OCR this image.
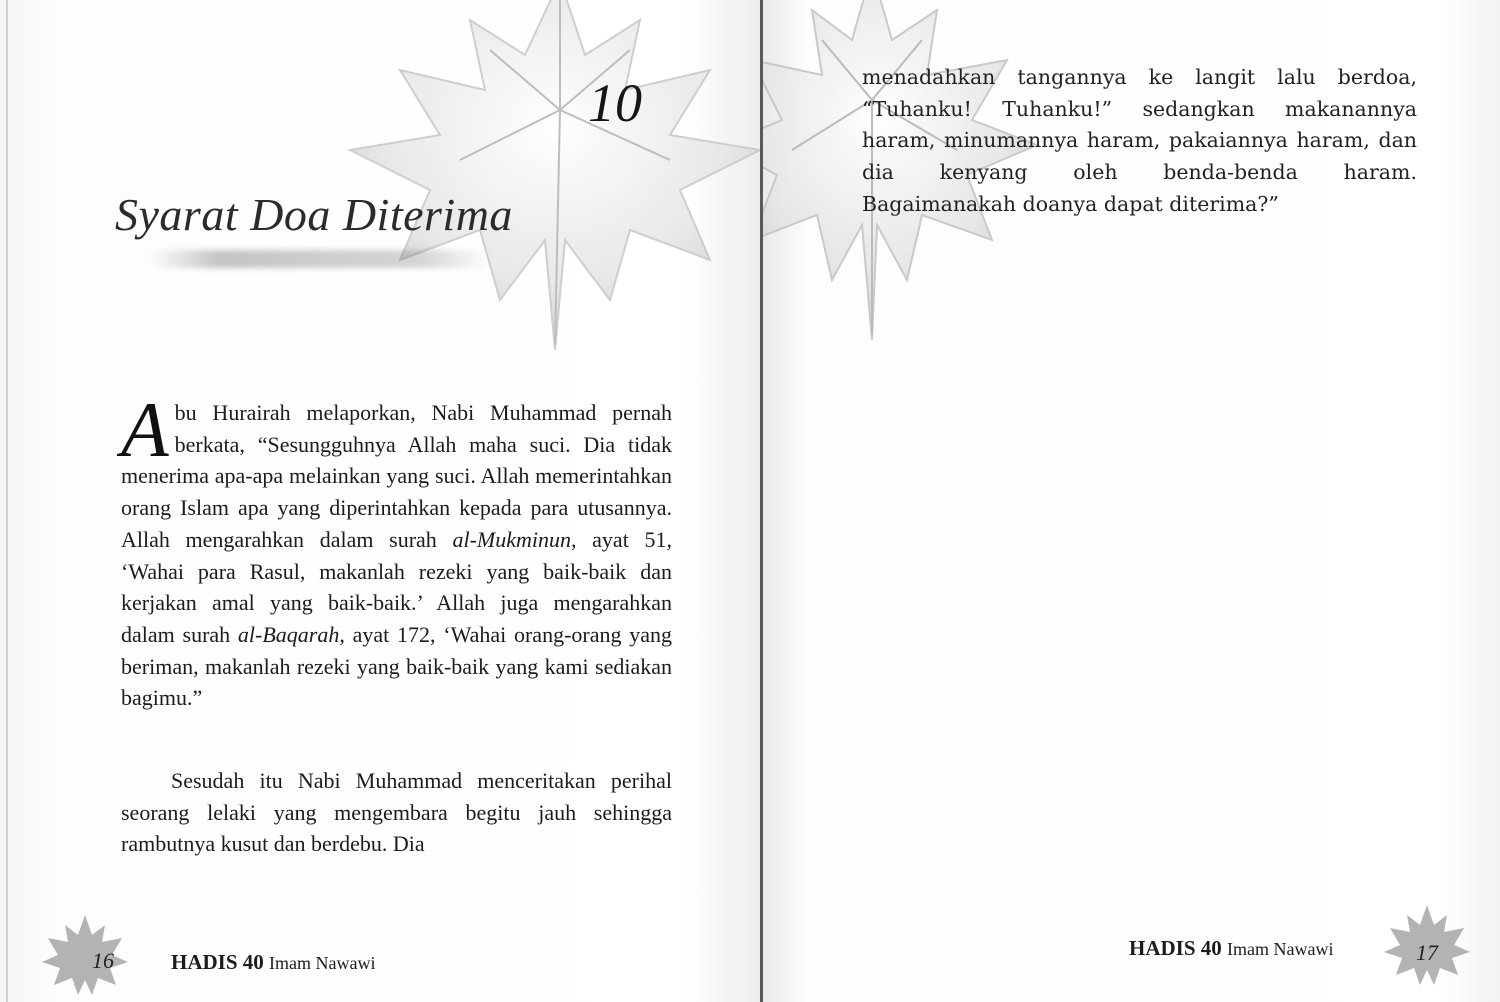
10
Syarat Doa Diterima

Abu Hurairah melaporkan, Nabi Muhammad pernah berkata, “Sesungguhnya Allah maha suci. Dia tidak menerima apa-apa melainkan yang suci. Allah memerintahkan orang Islam apa yang diperintahkan kepada para utusannya. Allah mengarahkan dalam surah al-Mukminun, ayat 51, ‘Wahai para Rasul, makanlah rezeki yang baik-baik dan kerjakan amal yang baik-baik.’ Allah juga mengarahkan dalam surah al-Baqarah, ayat 172, ‘Wahai orang-orang yang beriman, makanlah rezeki yang baik-baik yang kami sediakan bagimu.”

Sesudah itu Nabi Muhammad menceritakan perihal seorang lelaki yang mengembara begitu jauh sehingga rambutnya kusut dan berdebu. Dia

16	HADIS 40 Imam Nawawi

menadahkan tangannya ke langit lalu berdoa, “Tuhanku! Tuhanku!” sedangkan makanannya haram, minumannya haram, pakaiannya haram, dan dia kenyang oleh benda-benda haram. Bagaimanakah doanya dapat diterima?”

HADIS 40 Imam Nawawi	17
